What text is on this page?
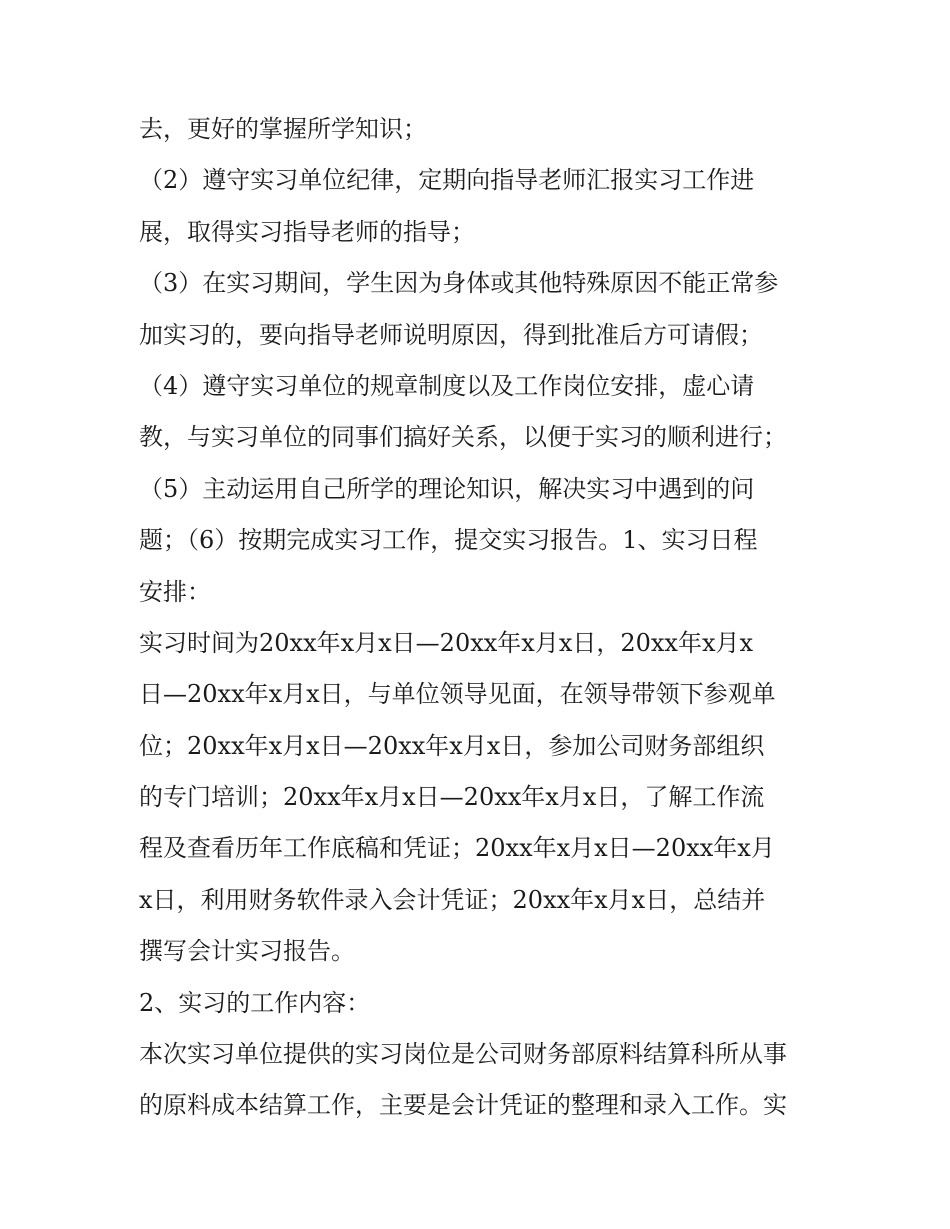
去，更好的掌握所学知识；

（2）遵守实习单位纪律，定期向指导老师汇报实习工作进

展，取得实习指导老师的指导；

（3）在实习期间，学生因为身体或其他特殊原因不能正常参

加实习的，要向指导老师说明原因，得到批准后方可请假；

（4）遵守实习单位的规章制度以及工作岗位安排，虚心请

教，与实习单位的同事们搞好关系，以便于实习的顺利进行；

（5）主动运用自己所学的理论知识，解决实习中遇到的问

题；（6）按期完成实习工作，提交实习报告。1、实习日程

安排：

实习时间为20xx年x月x日—20xx年x月x日，20xx年x月x

日—20xx年x月x日，与单位领导见面，在领导带领下参观单

位；20xx年x月x日—20xx年x月x日，参加公司财务部组织

的专门培训；20xx年x月x日—20xx年x月x日，了解工作流

程及查看历年工作底稿和凭证；20xx年x月x日—20xx年x月

x日，利用财务软件录入会计凭证；20xx年x月x日，总结并

撰写会计实习报告。

2、实习的工作内容：

本次实习单位提供的实习岗位是公司财务部原料结算科所从事

的原料成本结算工作，主要是会计凭证的整理和录入工作。实
